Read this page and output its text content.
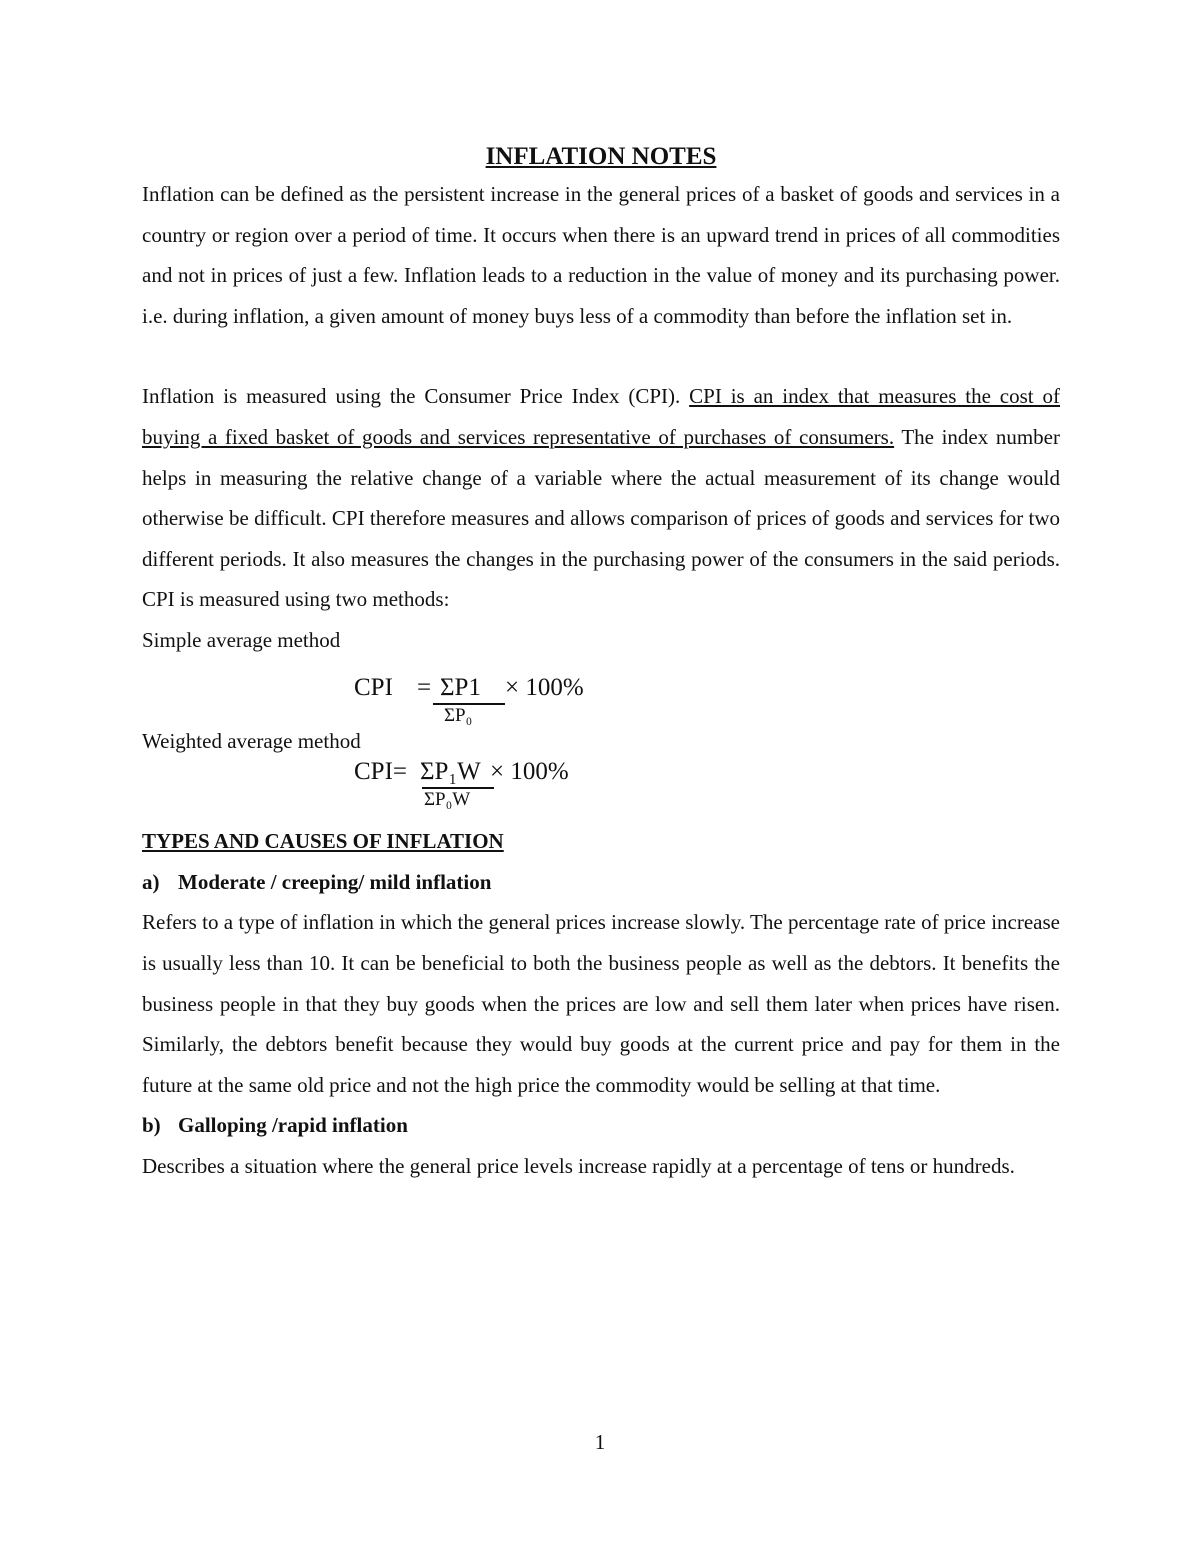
INFLATION NOTES

Inflation can be defined as the persistent increase in the general prices of a basket of goods and services in a country or region over a period of time. It occurs when there is an upward trend in prices of all commodities and not in prices of just a few. Inflation leads to a reduction in the value of money and its purchasing power. i.e. during inflation, a given amount of money buys less of a commodity than before the inflation set in.

Inflation is measured using the Consumer Price Index (CPI). CPI is an index that measures the cost of buying a fixed basket of goods and services representative of purchases of consumers. The index number helps in measuring the relative change of a variable where the actual measurement of its change would otherwise be difficult. CPI therefore measures and allows comparison of prices of goods and services for two different periods. It also measures the changes in the purchasing power of the consumers in the said periods. CPI is measured using two methods:

Simple average method

CPI = ΣP1 × 100%
ΣP₀

Weighted average method

CPI= ΣP₁W × 100%
ΣP₀W

TYPES AND CAUSES OF INFLATION

a) Moderate / creeping/ mild inflation

Refers to a type of inflation in which the general prices increase slowly. The percentage rate of price increase is usually less than 10. It can be beneficial to both the business people as well as the debtors. It benefits the business people in that they buy goods when the prices are low and sell them later when prices have risen. Similarly, the debtors benefit because they would buy goods at the current price and pay for them in the future at the same old price and not the high price the commodity would be selling at that time.

b) Galloping /rapid inflation

Describes a situation where the general price levels increase rapidly at a percentage of tens or hundreds.

1
